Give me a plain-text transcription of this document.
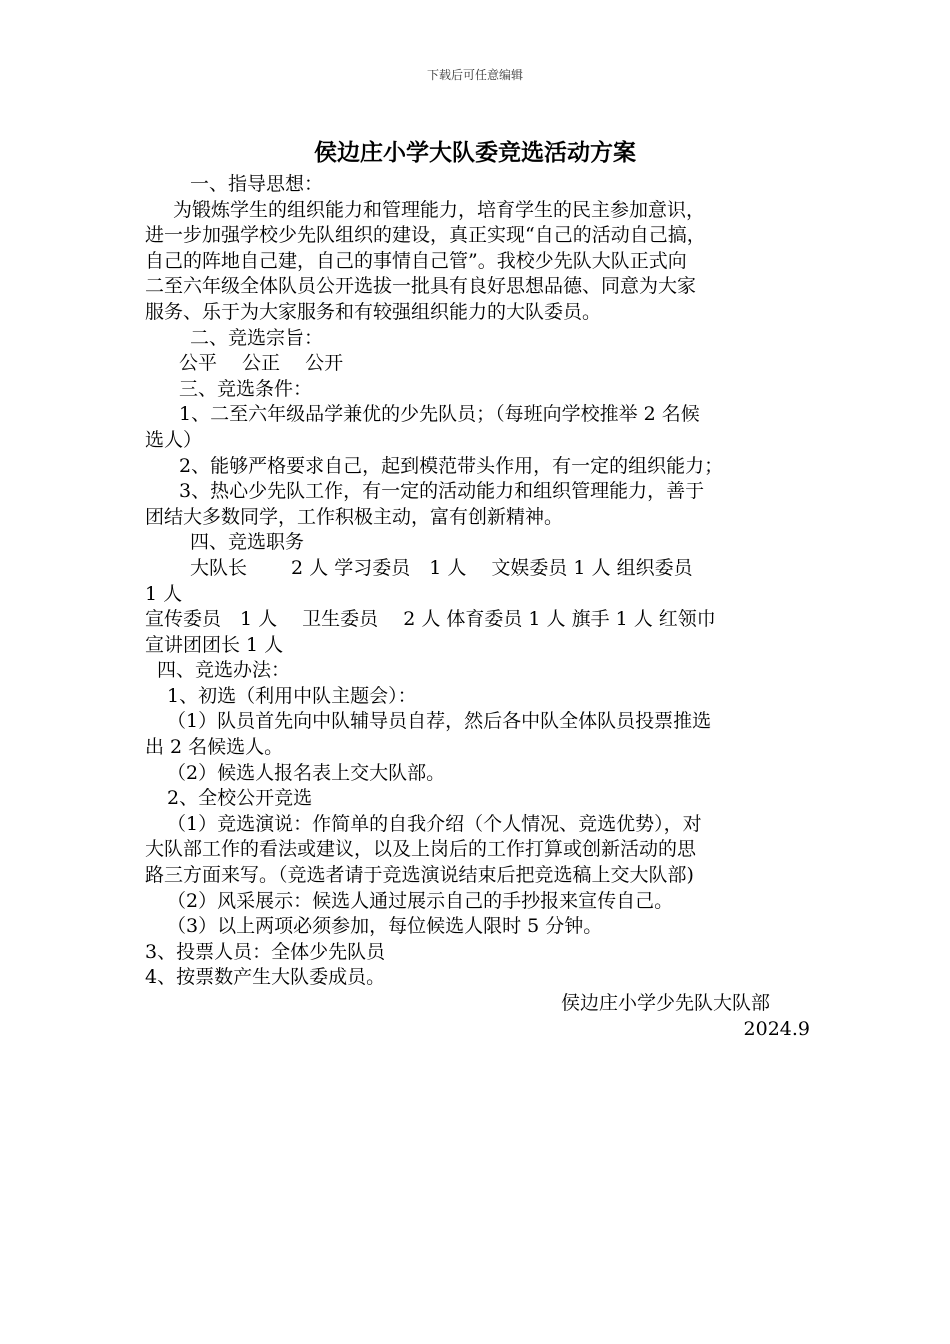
下载后可任意编辑
侯边庄小学大队委竞选活动方案
一、指导思想：
为锻炼学生的组织能力和管理能力，培育学生的民主参加意识，
进一步加强学校少先队组织的建设，真正实现“自己的活动自己搞，
自己的阵地自己建，自己的事情自己管”。我校少先队大队正式向
二至六年级全体队员公开选拔一批具有良好思想品德、同意为大家
服务、乐于为大家服务和有较强组织能力的大队委员。
二、竞选宗旨：
公平　 公正　 公开
三、竞选条件：
1、二至六年级品学兼优的少先队员；（每班向学校推举 2 名候
选人）
2、能够严格要求自己，起到模范带头作用，有一定的组织能力；
3、热心少先队工作，有一定的活动能力和组织管理能力，善于
团结大多数同学，工作积极主动，富有创新精神。
四、竞选职务
大队长　　 2 人 学习委员　1 人　 文娱委员 1 人 组织委员
1 人
宣传委员　1 人　 卫生委员　 2 人 体育委员 1 人 旗手 1 人 红领巾
宣讲团团长 1 人
四、竞选办法：
1、初选（利用中队主题会）：
（1）队员首先向中队辅导员自荐，然后各中队全体队员投票推选
出 2 名候选人。
（2）候选人报名表上交大队部。
2、全校公开竞选
（1）竞选演说：作简单的自我介绍（个人情况、竞选优势），对
大队部工作的看法或建议，以及上岗后的工作打算或创新活动的思
路三方面来写。（竞选者请于竞选演说结束后把竞选稿上交大队部)
（2）风采展示：候选人通过展示自己的手抄报来宣传自己。
（3）以上两项必须参加，每位候选人限时 5 分钟。
3、投票人员：全体少先队员
4、按票数产生大队委成员。
侯边庄小学少先队大队部
2024.9
